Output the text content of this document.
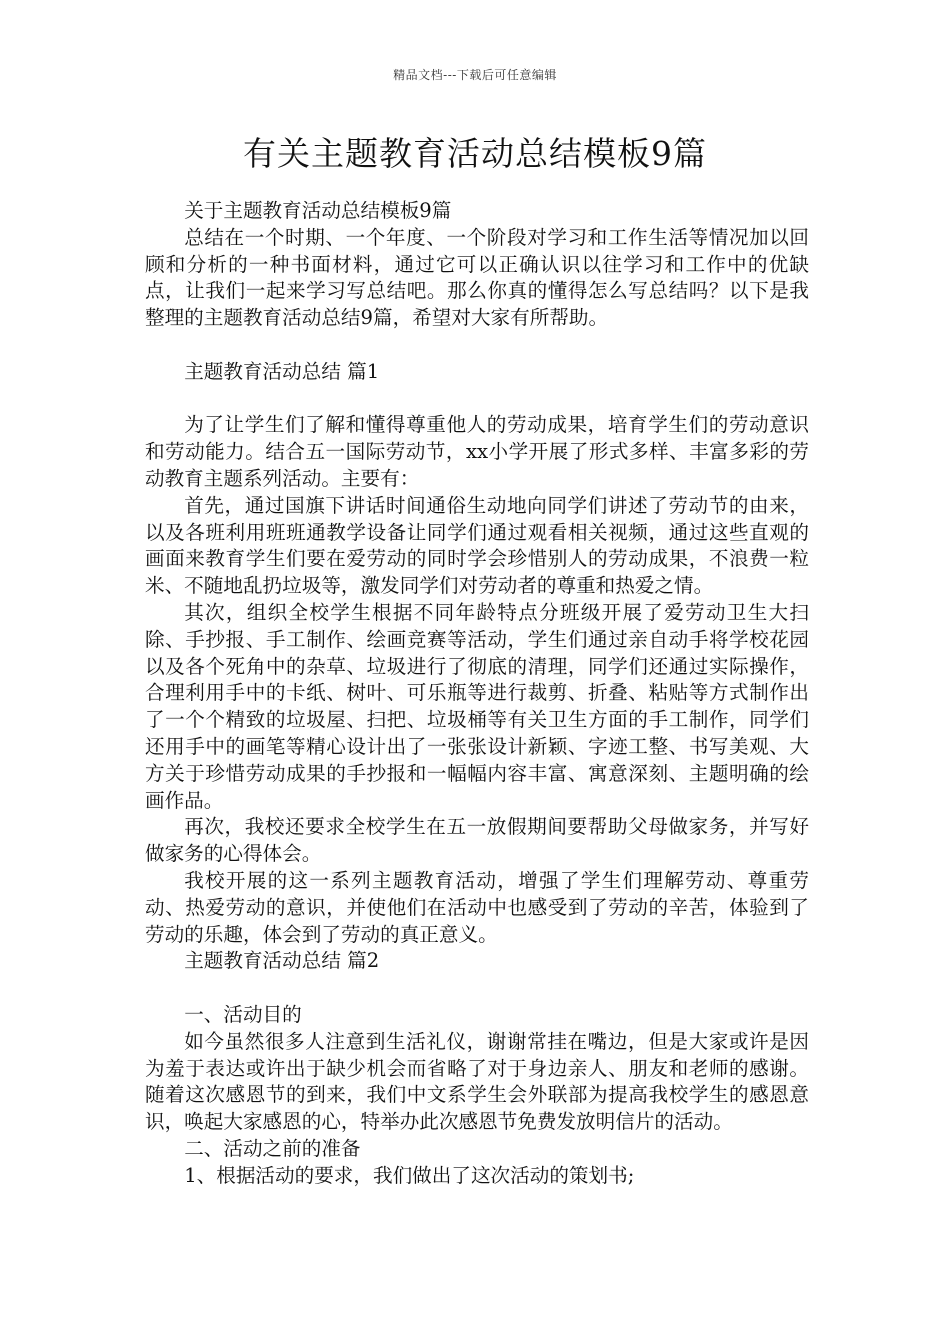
精品文档---下载后可任意编辑
有关主题教育活动总结模板9篇

关于主题教育活动总结模板9篇

总结在一个时期、一个年度、一个阶段对学习和工作生活等情况加以回顾和分析的一种书面材料，通过它可以正确认识以往学习和工作中的优缺点，让我们一起来学习写总结吧。那么你真的懂得怎么写总结吗？以下是我整理的主题教育活动总结9篇，希望对大家有所帮助。

主题教育活动总结 篇1

为了让学生们了解和懂得尊重他人的劳动成果，培育学生们的劳动意识和劳动能力。结合五一国际劳动节，xx小学开展了形式多样、丰富多彩的劳动教育主题系列活动。主要有：

首先，通过国旗下讲话时间通俗生动地向同学们讲述了劳动节的由来，以及各班利用班班通教学设备让同学们通过观看相关视频，通过这些直观的画面来教育学生们要在爱劳动的同时学会珍惜别人的劳动成果，不浪费一粒米、不随地乱扔垃圾等，激发同学们对劳动者的尊重和热爱之情。

其次，组织全校学生根据不同年龄特点分班级开展了爱劳动卫生大扫除、手抄报、手工制作、绘画竞赛等活动，学生们通过亲自动手将学校花园以及各个死角中的杂草、垃圾进行了彻底的清理，同学们还通过实际操作，合理利用手中的卡纸、树叶、可乐瓶等进行裁剪、折叠、粘贴等方式制作出了一个个精致的垃圾屋、扫把、垃圾桶等有关卫生方面的手工制作，同学们还用手中的画笔等精心设计出了一张张设计新颖、字迹工整、书写美观、大方关于珍惜劳动成果的手抄报和一幅幅内容丰富、寓意深刻、主题明确的绘画作品。

再次，我校还要求全校学生在五一放假期间要帮助父母做家务，并写好做家务的心得体会。

我校开展的这一系列主题教育活动，增强了学生们理解劳动、尊重劳动、热爱劳动的意识，并使他们在活动中也感受到了劳动的辛苦，体验到了劳动的乐趣，体会到了劳动的真正意义。

主题教育活动总结 篇2

一、活动目的

如今虽然很多人注意到生活礼仪，谢谢常挂在嘴边，但是大家或许是因为羞于表达或许出于缺少机会而省略了对于身边亲人、朋友和老师的感谢。随着这次感恩节的到来，我们中文系学生会外联部为提高我校学生的感恩意识，唤起大家感恩的心，特举办此次感恩节免费发放明信片的活动。

二、活动之前的准备

1、根据活动的要求，我们做出了这次活动的策划书;
